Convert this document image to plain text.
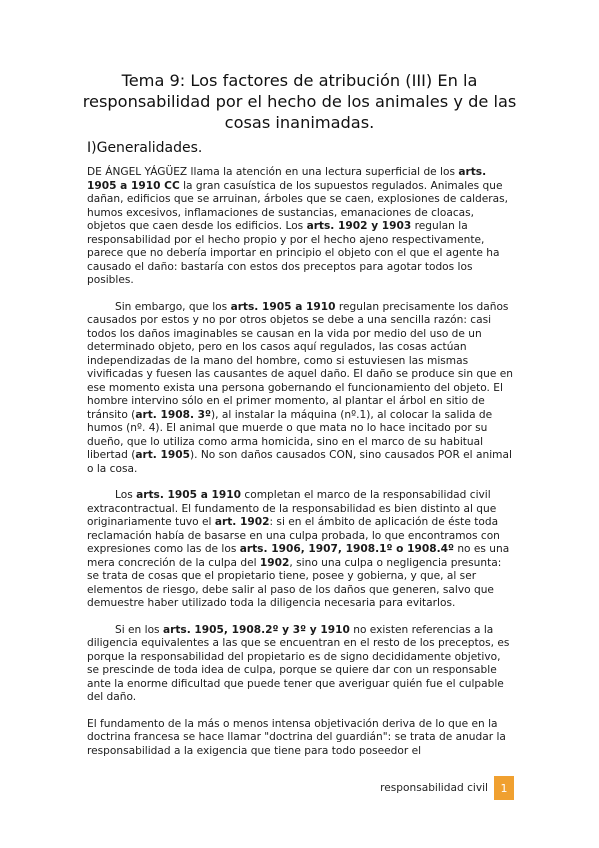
Tema 9: Los factores de atribución (III) En la responsabilidad por el hecho de los animales y de las cosas inanimadas.
I)Generalidades.

DE ÁNGEL YÁGÜEZ llama la atención en una lectura superficial de los arts. 1905 a 1910 CC la gran casuística de los supuestos regulados. Animales que dañan, edificios que se arruinan, árboles que se caen, explosiones de calderas, humos excesivos, inflamaciones de sustancias, emanaciones de cloacas, objetos que caen desde los edificios. Los arts. 1902 y 1903 regulan la responsabilidad por el hecho propio y por el hecho ajeno respectivamente, parece que no debería importar en principio el objeto con el que el agente ha causado el daño: bastaría con estos dos preceptos para agotar todos los posibles.

Sin embargo, que los arts. 1905 a 1910 regulan precisamente los daños causados por estos y no por otros objetos se debe a una sencilla razón: casi todos los daños imaginables se causan en la vida por medio del uso de un determinado objeto, pero en los casos aquí regulados, las cosas actúan independizadas de la mano del hombre, como si estuviesen las mismas vivificadas y fuesen las causantes de aquel daño. El daño se produce sin que en ese momento exista una persona gobernando el funcionamiento del objeto. El hombre intervino sólo en el primer momento, al plantar el árbol en sitio de tránsito (art. 1908. 3º), al instalar la máquina (nº.1), al colocar la salida de humos (nº. 4). El animal que muerde o que mata no lo hace incitado por su dueño, que lo utiliza como arma homicida, sino en el marco de su habitual libertad (art. 1905). No son daños causados CON, sino causados POR el animal o la cosa.

Los arts. 1905 a 1910 completan el marco de la responsabilidad civil extracontractual. El fundamento de la responsabilidad es bien distinto al que originariamente tuvo el art. 1902: si en el ámbito de aplicación de éste toda reclamación había de basarse en una culpa probada, lo que encontramos con expresiones como las de los arts. 1906, 1907, 1908.1º o 1908.4º no es una mera concreción de la culpa del 1902, sino una culpa o negligencia presunta: se trata de cosas que el propietario tiene, posee y gobierna, y que, al ser elementos de riesgo, debe salir al paso de los daños que generen, salvo que demuestre haber utilizado toda la diligencia necesaria para evitarlos.

Si en los arts. 1905, 1908.2º y 3º y 1910 no existen referencias a la diligencia equivalentes a las que se encuentran en el resto de los preceptos, es porque la responsabilidad del propietario es de signo decididamente objetivo, se prescinde de toda idea de culpa, porque se quiere dar con un responsable ante la enorme dificultad que puede tener que averiguar quién fue el culpable del daño.

El fundamento de la más o menos intensa objetivación deriva de lo que en la doctrina francesa se hace llamar "doctrina del guardián": se trata de anudar la responsabilidad a la exigencia que tiene para todo poseedor el

responsabilidad civil	1
